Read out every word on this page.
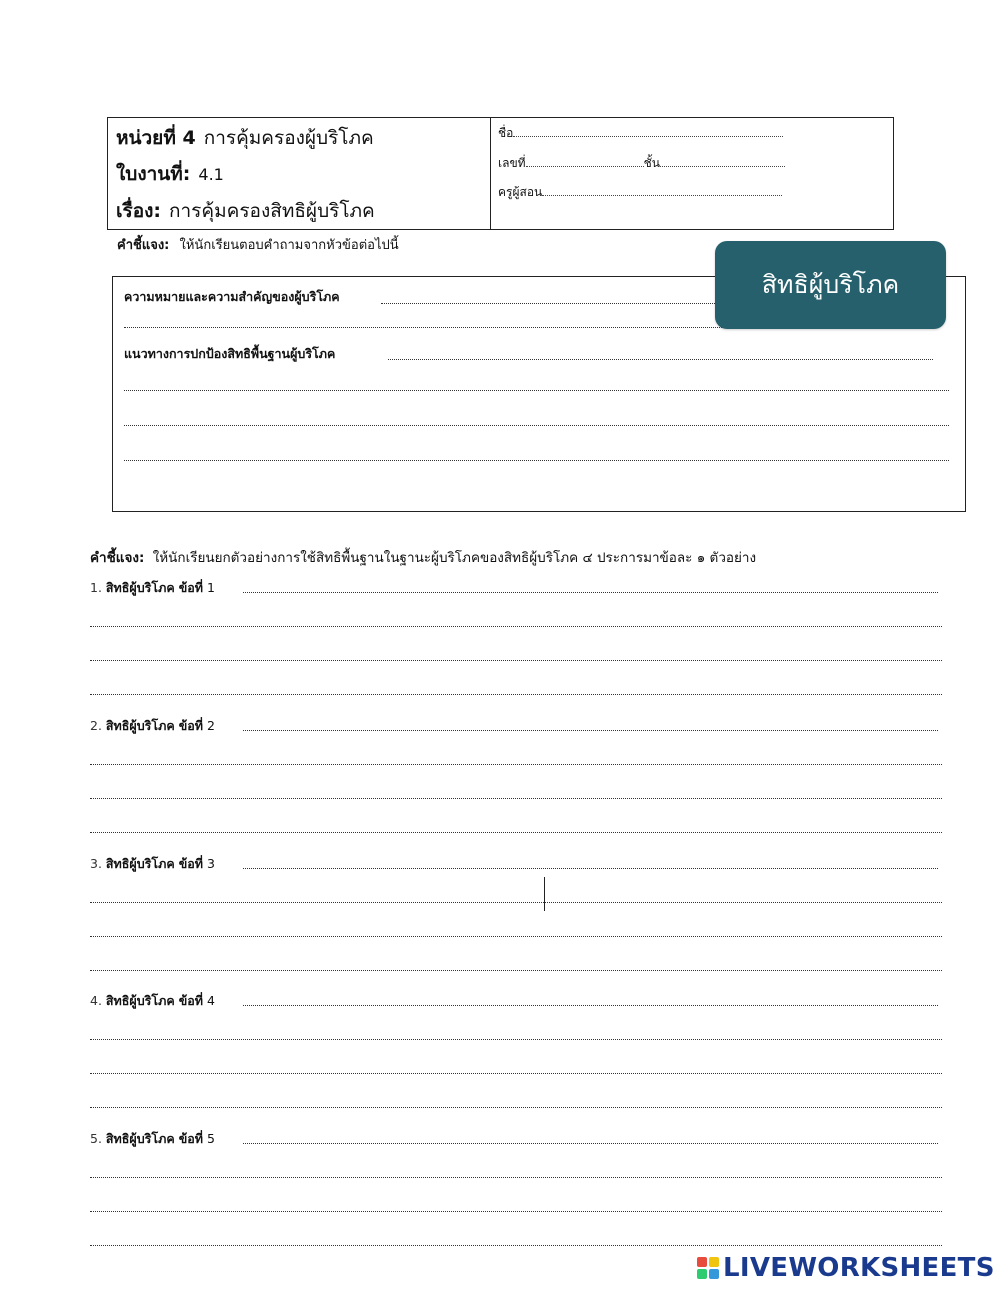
หน่วยที่ 4 การคุ้มครองผู้บริโภค
ใบงานที่: 4.1
เรื่อง: การคุ้มครองสิทธิผู้บริโภค
ชื่อ
เลขที่	ชั้น
ครูผู้สอน
คำชี้แจง: ให้นักเรียนตอบคำถามจากหัวข้อต่อไปนี้
ความหมายและความสำคัญของผู้บริโภค
แนวทางการปกป้องสิทธิพื้นฐานผู้บริโภค
สิทธิผู้บริโภค
คำชี้แจง: ให้นักเรียนยกตัวอย่างการใช้สิทธิพื้นฐานในฐานะผู้บริโภคของสิทธิผู้บริโภค ๔ ประการมาข้อละ ๑ ตัวอย่าง
1. สิทธิผู้บริโภค ข้อที่ 1
2. สิทธิผู้บริโภค ข้อที่ 2
3. สิทธิผู้บริโภค ข้อที่ 3
4. สิทธิผู้บริโภค ข้อที่ 4
5. สิทธิผู้บริโภค ข้อที่ 5
LIVEWORKSHEETS
